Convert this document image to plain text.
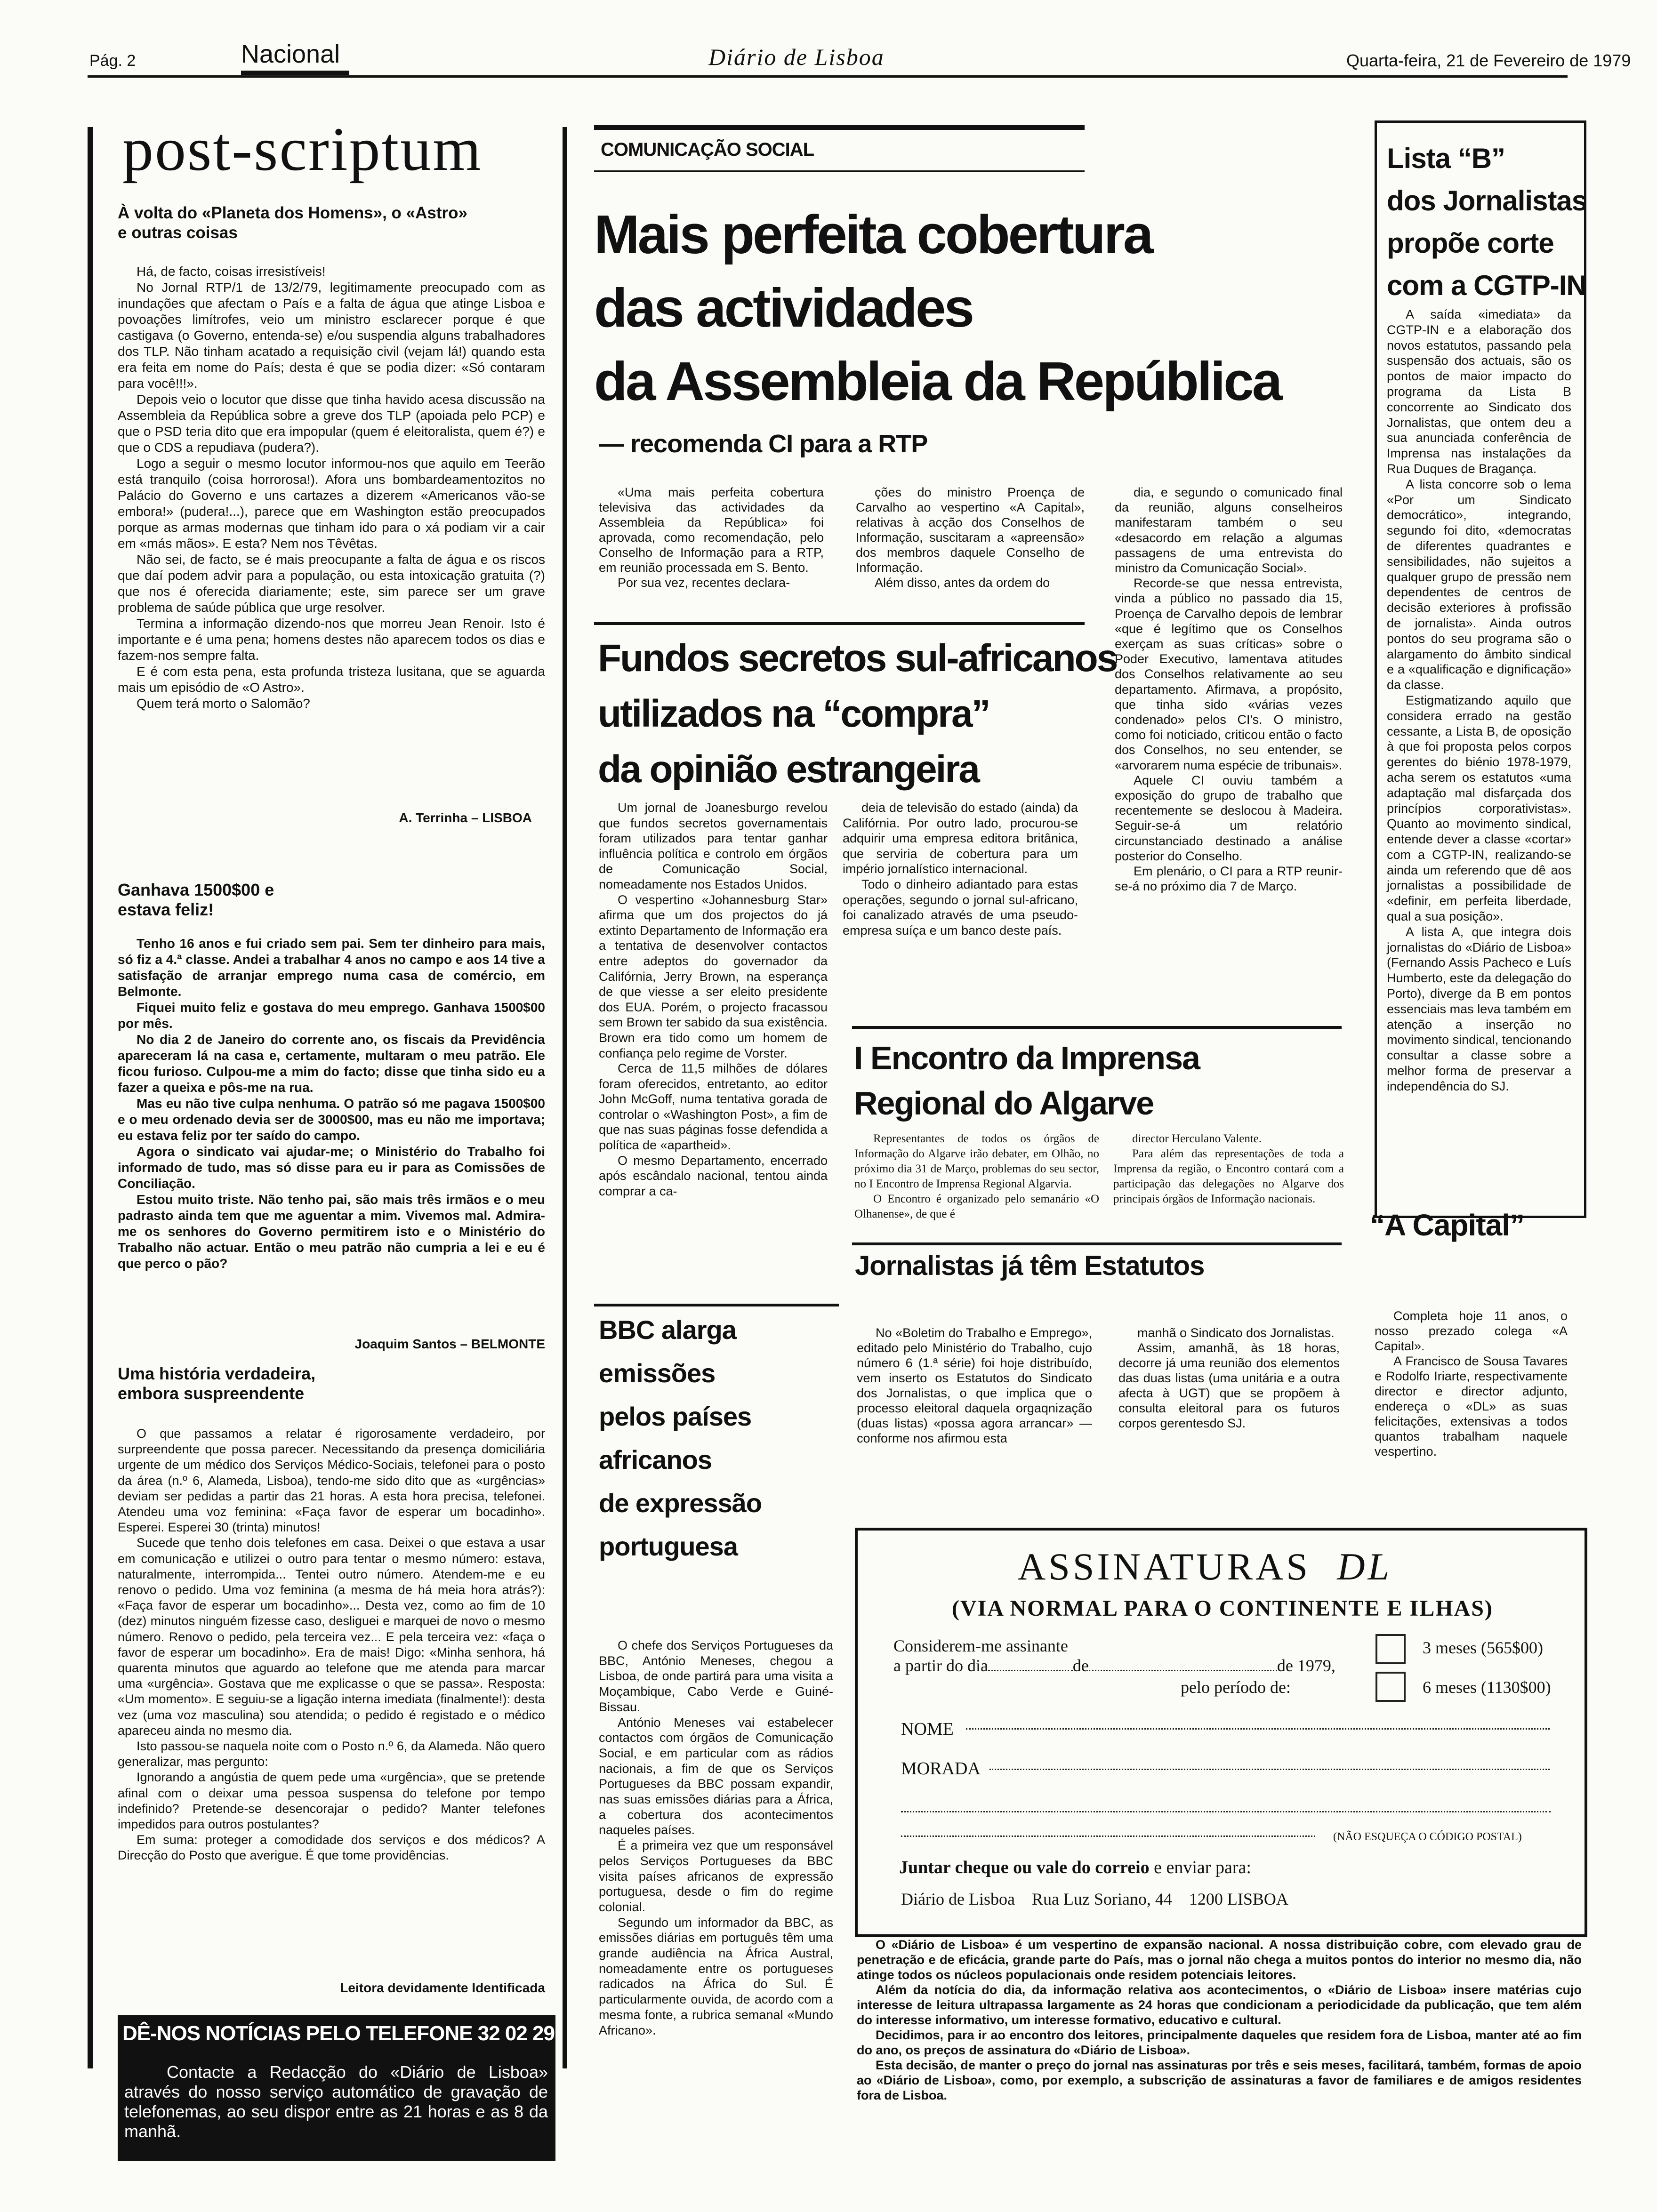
Pág. 2	Nacional	Diário de Lisboa	Quarta-feira, 21 de Fevereiro de 1979
post-scriptum
À volta do «Planeta dos Homens», o «Astro» e outras coisas

Há, de facto, coisas irresistíveis!

No Jornal RTP/1 de 13/2/79, legitimamente preocupado com as inundações que afectam o País e a falta de água que atinge Lisboa e povoações limítrofes, veio um ministro esclarecer porque é que castigava (o Governo, entenda-se) e/ou suspendia alguns trabalhadores dos TLP. Não tinham acatado a requisição civil (vejam lá!) quando esta era feita em nome do País; desta é que se podia dizer: «Só contaram para você!!!».

Depois veio o locutor que disse que tinha havido acesa discussão na Assembleia da República sobre a greve dos TLP (apoiada pelo PCP) e que o PSD teria dito que era impopular (quem é eleitoralista, quem é?) e que o CDS a repudiava (pudera?).

Logo a seguir o mesmo locutor informou-nos que aquilo em Teerão está tranquilo (coisa horrorosa!). Afora uns bombardeamentozitos no Palácio do Governo e uns cartazes a dizerem «Americanos vão-se embora!» (pudera!...), parece que em Washington estão preocupados porque as armas modernas que tinham ido para o xá podiam vir a cair em «más mãos». E esta? Nem nos Têvêtas.

Não sei, de facto, se é mais preocupante a falta de água e os riscos que daí podem advir para a população, ou esta intoxicação gratuita (?) que nos é oferecida diariamente; este, sim parece ser um grave problema de saúde pública que urge resolver.

Termina a informação dizendo-nos que morreu Jean Renoir. Isto é importante e é uma pena; homens destes não aparecem todos os dias e fazem-nos sempre falta.

E é com esta pena, esta profunda tristeza lusitana, que se aguarda mais um episódio de «O Astro».

Quem terá morto o Salomão?

A. Terrinha – LISBOA
Ganhava 1500$00 e estava feliz!

Tenho 16 anos e fui criado sem pai. Sem ter dinheiro para mais, só fiz a 4.ª classe. Andei a trabalhar 4 anos no campo e aos 14 tive a satisfação de arranjar emprego numa casa de comércio, em Belmonte.

Fiquei muito feliz e gostava do meu emprego. Ganhava 1500$00 por mês.

No dia 2 de Janeiro do corrente ano, os fiscais da Previdência apareceram lá na casa e, certamente, multaram o meu patrão. Ele ficou furioso. Culpou-me a mim do facto; disse que tinha sido eu a fazer a queixa e pôs-me na rua.

Mas eu não tive culpa nenhuma. O patrão só me pagava 1500$00 e o meu ordenado devia ser de 3000$00, mas eu não me importava; eu estava feliz por ter saído do campo.

Agora o sindicato vai ajudar-me; o Ministério do Trabalho foi informado de tudo, mas só disse para eu ir para as Comissões de Conciliação.

Estou muito triste. Não tenho pai, são mais três irmãos e o meu padrasto ainda tem que me aguentar a mim. Vivemos mal. Admira-me os senhores do Governo permitirem isto e o Ministério do Trabalho não actuar. Então o meu patrão não cumpria a lei e eu é que perco o pão?

Joaquim Santos – BELMONTE
Uma história verdadeira, embora suspreendente

O que passamos a relatar é rigorosamente verdadeiro, por surpreendente que possa parecer. Necessitando da presença domiciliária urgente de um médico dos Serviços Médico-Sociais, telefonei para o posto da área (n.º 6, Alameda, Lisboa), tendo-me sido dito que as «urgências» deviam ser pedidas a partir das 21 horas. A esta hora precisa, telefonei. Atendeu uma voz feminina: «Faça favor de esperar um bocadinho». Esperei. Esperei 30 (trinta) minutos!

Sucede que tenho dois telefones em casa. Deixei o que estava a usar em comunicação e utilizei o outro para tentar o mesmo número: estava, naturalmente, interrompida... Tentei outro número. Atendem-me e eu renovo o pedido. Uma voz feminina (a mesma de há meia hora atrás?): «Faça favor de esperar um bocadinho»... Desta vez, como ao fim de 10 (dez) minutos ninguém fizesse caso, desliguei e marquei de novo o mesmo número. Renovo o pedido, pela terceira vez... E pela terceira vez: «faça o favor de esperar um bocadinho». Era de mais! Digo: «Minha senhora, há quarenta minutos que aguardo ao telefone que me atenda para marcar uma «urgência». Gostava que me explicasse o que se passa». Resposta: «Um momento». E seguiu-se a ligação interna imediata (finalmente!): desta vez (uma voz masculina) sou atendida; o pedido é registado e o médico apareceu ainda no mesmo dia.

Isto passou-se naquela noite com o Posto n.º 6, da Alameda. Não quero generalizar, mas pergunto:

Ignorando a angústia de quem pede uma «urgência», que se pretende afinal com o deixar uma pessoa suspensa do telefone por tempo indefinido? Pretende-se desencorajar o pedido? Manter telefones impedidos para outros postulantes?

Em suma: proteger a comodidade dos serviços e dos médicos? A Direcção do Posto que averigue. É que tome providências.

Leitora devidamente Identificada
DÊ-NOS NOTÍCIAS PELO TELEFONE 32 02 29
Contacte a Redacção do «Diário de Lisboa» através do nosso serviço automático de gravação de telefonemas, ao seu dispor entre as 21 horas e as 8 da manhã.
COMUNICAÇÃO SOCIAL
Mais perfeita cobertura
das actividades
da Assembleia da República
— recomenda CI para a RTP

«Uma mais perfeita cobertura televisiva das actividades da Assembleia da República» foi aprovada, como recomendação, pelo Conselho de Informação para a RTP, em reunião processada em S. Bento.

Por sua vez, recentes declara-

ções do ministro Proença de Carvalho ao vespertino «A Capital», relativas à acção dos Conselhos de Informação, suscitaram a «apreensão» dos membros daquele Conselho de Informação.

Além disso, antes da ordem do

dia, e segundo o comunicado final da reunião, alguns conselheiros manifestaram também o seu «desacordo em relação a algumas passagens de uma entrevista do ministro da Comunicação Social».

Recorde-se que nessa entrevista, vinda a público no passado dia 15, Proença de Carvalho depois de lembrar «que é legítimo que os Conselhos exerçam as suas críticas» sobre o Poder Executivo, lamentava atitudes dos Conselhos relativamente ao seu departamento. Afirmava, a propósito, que tinha sido «várias vezes condenado» pelos CI's. O ministro, como foi noticiado, criticou então o facto dos Conselhos, no seu entender, se «arvorarem numa espécie de tribunais».

Aquele CI ouviu também a exposição do grupo de trabalho que recentemente se deslocou à Madeira. Seguir-se-á um relatório circunstanciado destinado a análise posterior do Conselho.

Em plenário, o CI para a RTP reunir-se-á no próximo dia 7 de Março.

Fundos secretos sul-africanos
utilizados na “compra”
da opinião estrangeira

Um jornal de Joanesburgo revelou que fundos secretos governamentais foram utilizados para tentar ganhar influência política e controlo em órgãos de Comunicação Social, nomeadamente nos Estados Unidos.

O vespertino «Johannesburg Star» afirma que um dos projectos do já extinto Departamento de Informação era a tentativa de desenvolver contactos entre adeptos do governador da Califórnia, Jerry Brown, na esperança de que viesse a ser eleito presidente dos EUA. Porém, o projecto fracassou sem Brown ter sabido da sua existência. Brown era tido como um homem de confiança pelo regime de Vorster.

Cerca de 11,5 milhões de dólares foram oferecidos, entretanto, ao editor John McGoff, numa tentativa gorada de controlar o «Washington Post», a fim de que nas suas páginas fosse defendida a política de «apartheid».

O mesmo Departamento, encerrado após escândalo nacional, tentou ainda comprar a ca-

deia de televisão do estado (ainda) da Califórnia. Por outro lado, procurou-se adquirir uma empresa editora britânica, que serviria de cobertura para um império jornalístico internacional.

Todo o dinheiro adiantado para estas operações, segundo o jornal sul-africano, foi canalizado através de uma pseudo-empresa suíça e um banco deste país.

I Encontro da Imprensa
Regional do Algarve

Representantes de todos os órgãos de Informação do Algarve irão debater, em Olhão, no próximo dia 31 de Março, problemas do seu sector, no I Encontro de Imprensa Regional Algarvia.

O Encontro é organizado pelo semanário «O Olhanense», de que é

director Herculano Valente.

Para além das representações de toda a Imprensa da região, o Encontro contará com a participação das delegações no Algarve dos principais órgãos de Informação nacionais.

Jornalistas já têm Estatutos

No «Boletim do Trabalho e Emprego», editado pelo Ministério do Trabalho, cujo número 6 (1.ª série) foi hoje distribuído, vem inserto os Estatutos do Sindicato dos Jornalistas, o que implica que o processo eleitoral daquela orgaqnização (duas listas) «possa agora arrancar» — conforme nos afirmou esta

manhã o Sindicato dos Jornalistas.

Assim, amanhã, às 18 horas, decorre já uma reunião dos elementos das duas listas (uma unitária e a outra afecta à UGT) que se propõem à consulta eleitoral para os futuros corpos gerentesdo SJ.

BBC alarga
emissões
pelos países
africanos
de expressão
portuguesa

O chefe dos Serviços Portugueses da BBC, António Meneses, chegou a Lisboa, de onde partirá para uma visita a Moçambique, Cabo Verde e Guiné-Bissau.

António Meneses vai estabelecer contactos com órgãos de Comunicação Social, e em particular com as rádios nacionais, a fim de que os Serviços Portugueses da BBC possam expandir, nas suas emissões diárias para a África, a cobertura dos acontecimentos naqueles países.

É a primeira vez que um responsável pelos Serviços Portugueses da BBC visita países africanos de expressão portuguesa, desde o fim do regime colonial.

Segundo um informador da BBC, as emissões diárias em português têm uma grande audiência na África Austral, nomeadamente entre os portugueses radicados na África do Sul. É particularmente ouvida, de acordo com a mesma fonte, a rubrica semanal «Mundo Africano».

Lista “B”
dos Jornalistas
propõe corte
com a CGTP-IN

A saída «imediata» da CGTP-IN e a elaboração dos novos estatutos, passando pela suspensão dos actuais, são os pontos de maior impacto do programa da Lista B concorrente ao Sindicato dos Jornalistas, que ontem deu a sua anunciada conferência de Imprensa nas instalações da Rua Duques de Bragança.

A lista concorre sob o lema «Por um Sindicato democrático», integrando, segundo foi dito, «democratas de diferentes quadrantes e sensibilidades, não sujeitos a qualquer grupo de pressão nem dependentes de centros de decisão exteriores à profissão de jornalista». Ainda outros pontos do seu programa são o alargamento do âmbito sindical e a «qualificação e dignificação» da classe.

Estigmatizando aquilo que considera errado na gestão cessante, a Lista B, de oposição à que foi proposta pelos corpos gerentes do biénio 1978-1979, acha serem os estatutos «uma adaptação mal disfarçada dos princípios corporativistas». Quanto ao movimento sindical, entende dever a classe «cortar» com a CGTP-IN, realizando-se ainda um referendo que dê aos jornalistas a possibilidade de «definir, em perfeita liberdade, qual a sua posição».

A lista A, que integra dois jornalistas do «Diário de Lisboa» (Fernando Assis Pacheco e Luís Humberto, este da delegação do Porto), diverge da B em pontos essenciais mas leva também em atenção a inserção no movimento sindical, tencionando consultar a classe sobre a melhor forma de preservar a independência do SJ.

“A Capital”

Completa hoje 11 anos, o nosso prezado colega «A Capital».

A Francisco de Sousa Tavares e Rodolfo Iriarte, respectivamente director e director adjunto, endereça o «DL» as suas felicitações, extensivas a todos quantos trabalham naquele vespertino.

ASSINATURAS DL
(VIA NORMAL PARA O CONTINENTE E ILHAS)
Considerem-me assinante
a partir do dia	de	de 1979,
pelo período de:
3 meses (565$00)
6 meses (1130$00)
NOME
MORADA
(NÃO ESQUEÇA O CÓDIGO POSTAL)
Juntar cheque ou vale do correio e enviar para:
Diário de Lisboa    Rua Luz Soriano, 44    1200 LISBOA

O «Diário de Lisboa» é um vespertino de expansão nacional. A nossa distribuição cobre, com elevado grau de penetração e de eficácia, grande parte do País, mas o jornal não chega a muitos pontos do interior no mesmo dia, não atinge todos os núcleos populacionais onde residem potenciais leitores.

Além da notícia do dia, da informação relativa aos acontecimentos, o «Diário de Lisboa» insere matérias cujo interesse de leitura ultrapassa largamente as 24 horas que condicionam a periodicidade da publicação, que tem além do interesse informativo, um interesse formativo, educativo e cultural.

Decidimos, para ir ao encontro dos leitores, principalmente daqueles que residem fora de Lisboa, manter até ao fim do ano, os preços de assinatura do «Diário de Lisboa».

Esta decisão, de manter o preço do jornal nas assinaturas por três e seis meses, facilitará, também, formas de apoio ao «Diário de Lisboa», como, por exemplo, a subscrição de assinaturas a favor de familiares e de amigos residentes fora de Lisboa.
